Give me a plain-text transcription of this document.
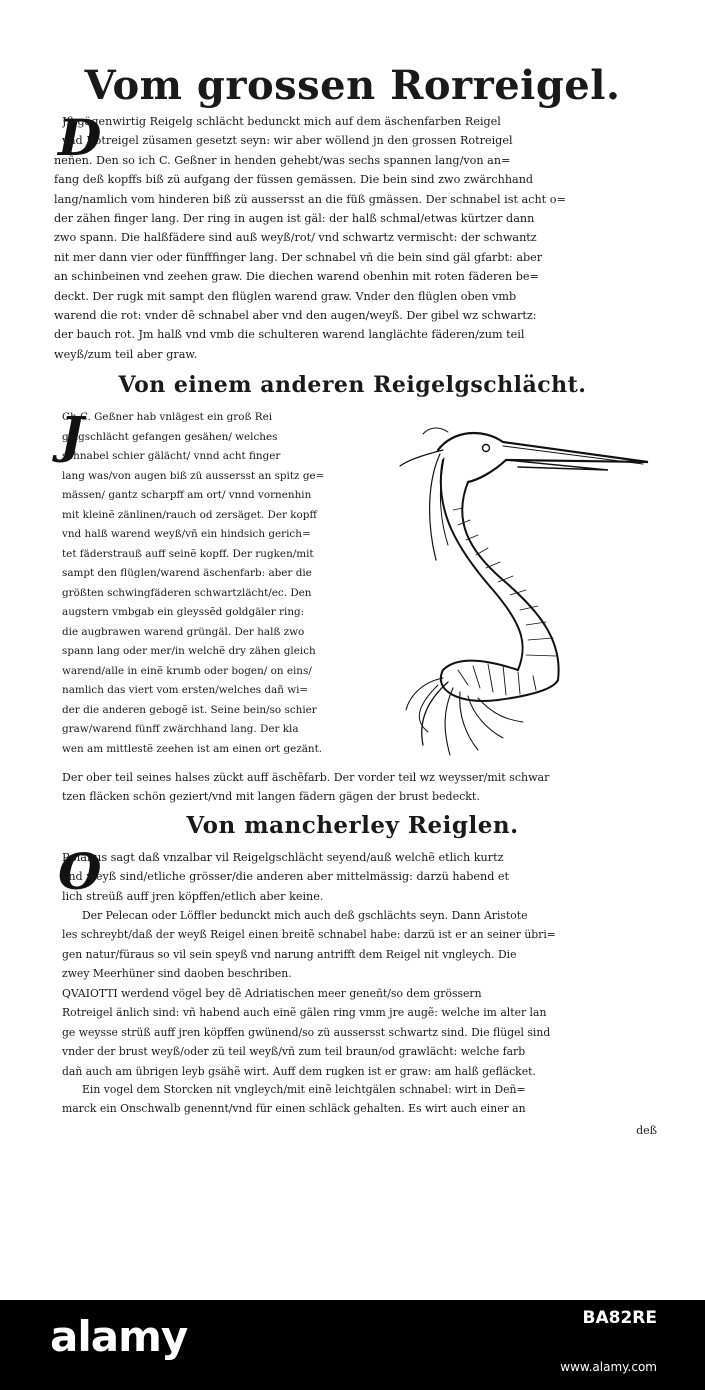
Vom grossen Rorreigel.
D
Jß gägenwirtig Reigelg schlächt bedunckt mich auf dem äschenfarben Reigel
vnd Rotreigel züsamen gesetzt seyn: wir aber wöllend jn den grossen Rotreigel
neñen. Den so ich C. Geßner in henden gehebt/was sechs spannen lang/von an=
fang deß kopffs biß zü aufgang der füssen gemässen. Die bein sind zwo zwärchhand
lang/namlich vom hinderen biß zü aussersst an die füß gmässen. Der schnabel ist acht o=
der zähen finger lang. Der ring in augen ist gäl: der halß schmal/etwas kürtzer dann
zwo spann. Die halßfädere sind auß weyß/rot/ vnd schwartz vermischt: der schwantz
nit mer dann vier oder fünfffinger lang. Der schnabel vñ die bein sind gäl gfarbt: aber
an schinbeinen vnd zeehen graw. Die diechen warend obenhin mit roten fäderen be=
deckt. Der rugk mit sampt den flüglen warend graw. Vnder den flüglen oben vmb
warend die rot: vnder dẽ schnabel aber vnd den augen/weyß. Der gibel wz schwartz:
der bauch rot. Jm halß vnd vmb die schulteren warend langlächte fäderen/zum teil
weyß/zum teil aber graw.
Von einem anderen Reigelgschlächt.
J
Ch C. Geßner hab vnlägest ein groß Rei
gelgschlächt gefangen gesähen/ welches
schnabel schier gälächt/ vnnd acht finger
lang was/von augen biß zü aussersst an spitz ge=
mässen/ gantz scharpff am ort/ vnnd vornenhin
mit kleinẽ zänlinen/rauch od zersäget. Der kopff
vnd halß warend weyß/vñ ein hindsich gerich=
tet fäderstrauß auff seinẽ kopff. Der rugken/mit
sampt den flüglen/warend äschenfarb: aber die
größten schwingfäderen schwartzlächt/ec. Den
augstern vmbgab ein gleyssẽd goldgäler ring:
die augbrawen warend grüngäl. Der halß zwo
spann lang oder mer/in welchẽ dry zähen gleich
warend/alle in einẽ krumb oder bogen/ on eins/
namlich das viert vom ersten/welches dañ wi=
der die anderen gebogẽ ist. Seine bein/so schier
graw/warend fünff zwärchhand lang. Der kla
wen am mittlestẽ zeehen ist am einen ort gezänt.
Der ober teil seines halses zückt auff äschẽfarb. Der vorder teil wz weysser/mit schwar
tzen fläcken schön geziert/vnd mit langen fädern gägen der brust bedeckt.
Von mancherley Reiglen.
O
Ppianus sagt daß vnzalbar vil Reigelgschlächt seyend/auß welchẽ etlich kurtz
vnd weyß sind/etliche grösser/die anderen aber mittelmässig: darzü habend et
lich streüß auff jren köpffen/etlich aber keine.
Der Pelecan oder Löffler bedunckt mich auch deß gschlächts seyn. Dann Aristote
les schreybt/daß der weyß Reigel einen breitẽ schnabel habe: darzü ist er an seiner übri=
gen natur/füraus so vil sein speyß vnd narung antrifft dem Reigel nit vngleych. Die
zwey Meerhüner sind daoben beschriben.
QVAIOTTI werdend vögel bey dẽ Adriatischen meer geneñt/so dem grössern
Rotreigel änlich sind: vñ habend auch einẽ gälen ring vmm jre augẽ: welche im alter lan
ge weysse strüß auff jren köpffen gwünend/so zü aussersst schwartz sind. Die flügel sind
vnder der brust weyß/oder zü teil weyß/vñ zum teil braun/od grawlächt: welche farb
dañ auch am übrigen leyb gsähẽ wirt. Auff dem rugken ist er graw: am halß gefläcket.
Ein vogel dem Storcken nit vngleych/mit einẽ leichtgälen schnabel: wirt in Deñ=
marck ein Onschwalb genennt/vnd für einen schläck gehalten. Es wirt auch einer an
deß
alamy	BA82RE
www.alamy.com
